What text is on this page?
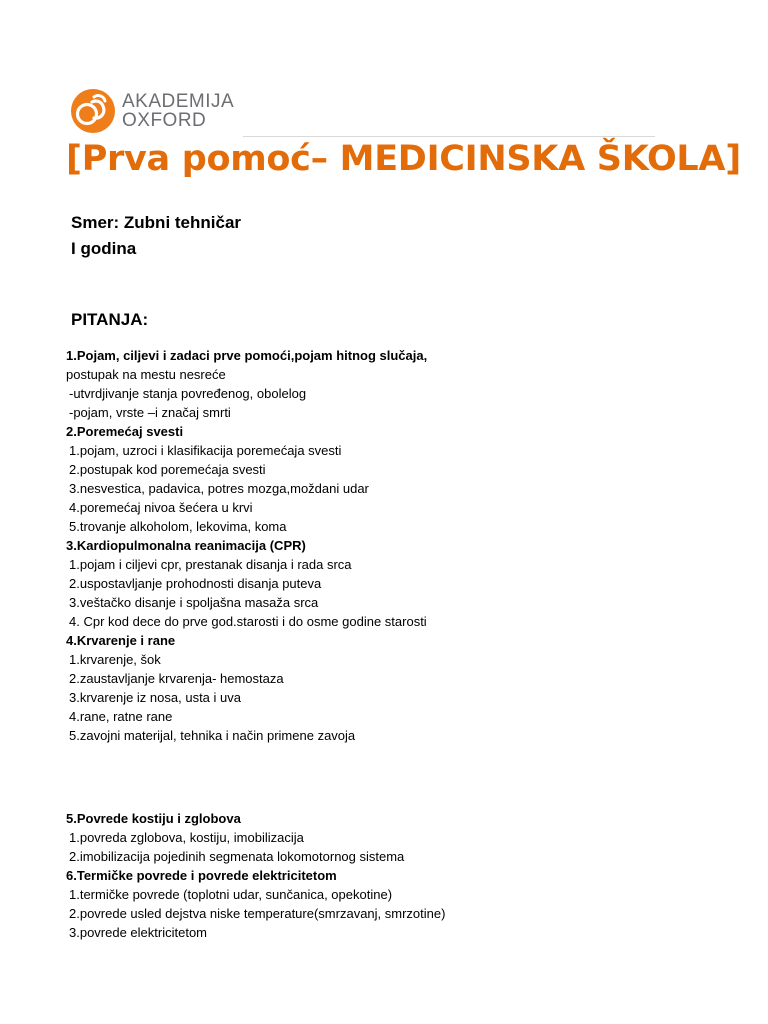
AKADEMIJA
OXFORD
[Prva pomoć– MEDICINSKA ŠKOLA]
Smer: Zubni tehničar
I godina
PITANJA:
1.Pojam, ciljevi i zadaci prve pomoći,pojam hitnog slučaja,
postupak na mestu nesreće
-utvrdjivanje stanja povređenog, obolelog
-pojam, vrste –i značaj smrti
2.Poremećaj svesti
1.pojam, uzroci i klasifikacija poremećaja svesti
2.postupak kod poremećaja svesti
3.nesvestica, padavica, potres mozga,moždani udar
4.poremećaj nivoa šećera u krvi
5.trovanje alkoholom, lekovima, koma
3.Kardiopulmonalna reanimacija (CPR)
1.pojam i ciljevi cpr, prestanak disanja i rada srca
2.uspostavljanje prohodnosti disanja puteva
3.veštačko disanje i spoljašna masaža srca
4. Cpr kod dece do prve god.starosti i do osme godine starosti
4.Krvarenje i rane
1.krvarenje, šok
2.zaustavljanje krvarenja- hemostaza
3.krvarenje iz nosa, usta i uva
4.rane, ratne rane
5.zavojni materijal, tehnika i način primene zavoja
5.Povrede kostiju i zglobova
1.povreda zglobova, kostiju, imobilizacija
2.imobilizacija pojedinih segmenata lokomotornog sistema
6.Termičke povrede i povrede elektricitetom
1.termičke povrede (toplotni udar, sunčanica, opekotine)
2.povrede usled dejstva niske temperature(smrzavanj, smrzotine)
3.povrede elektricitetom
